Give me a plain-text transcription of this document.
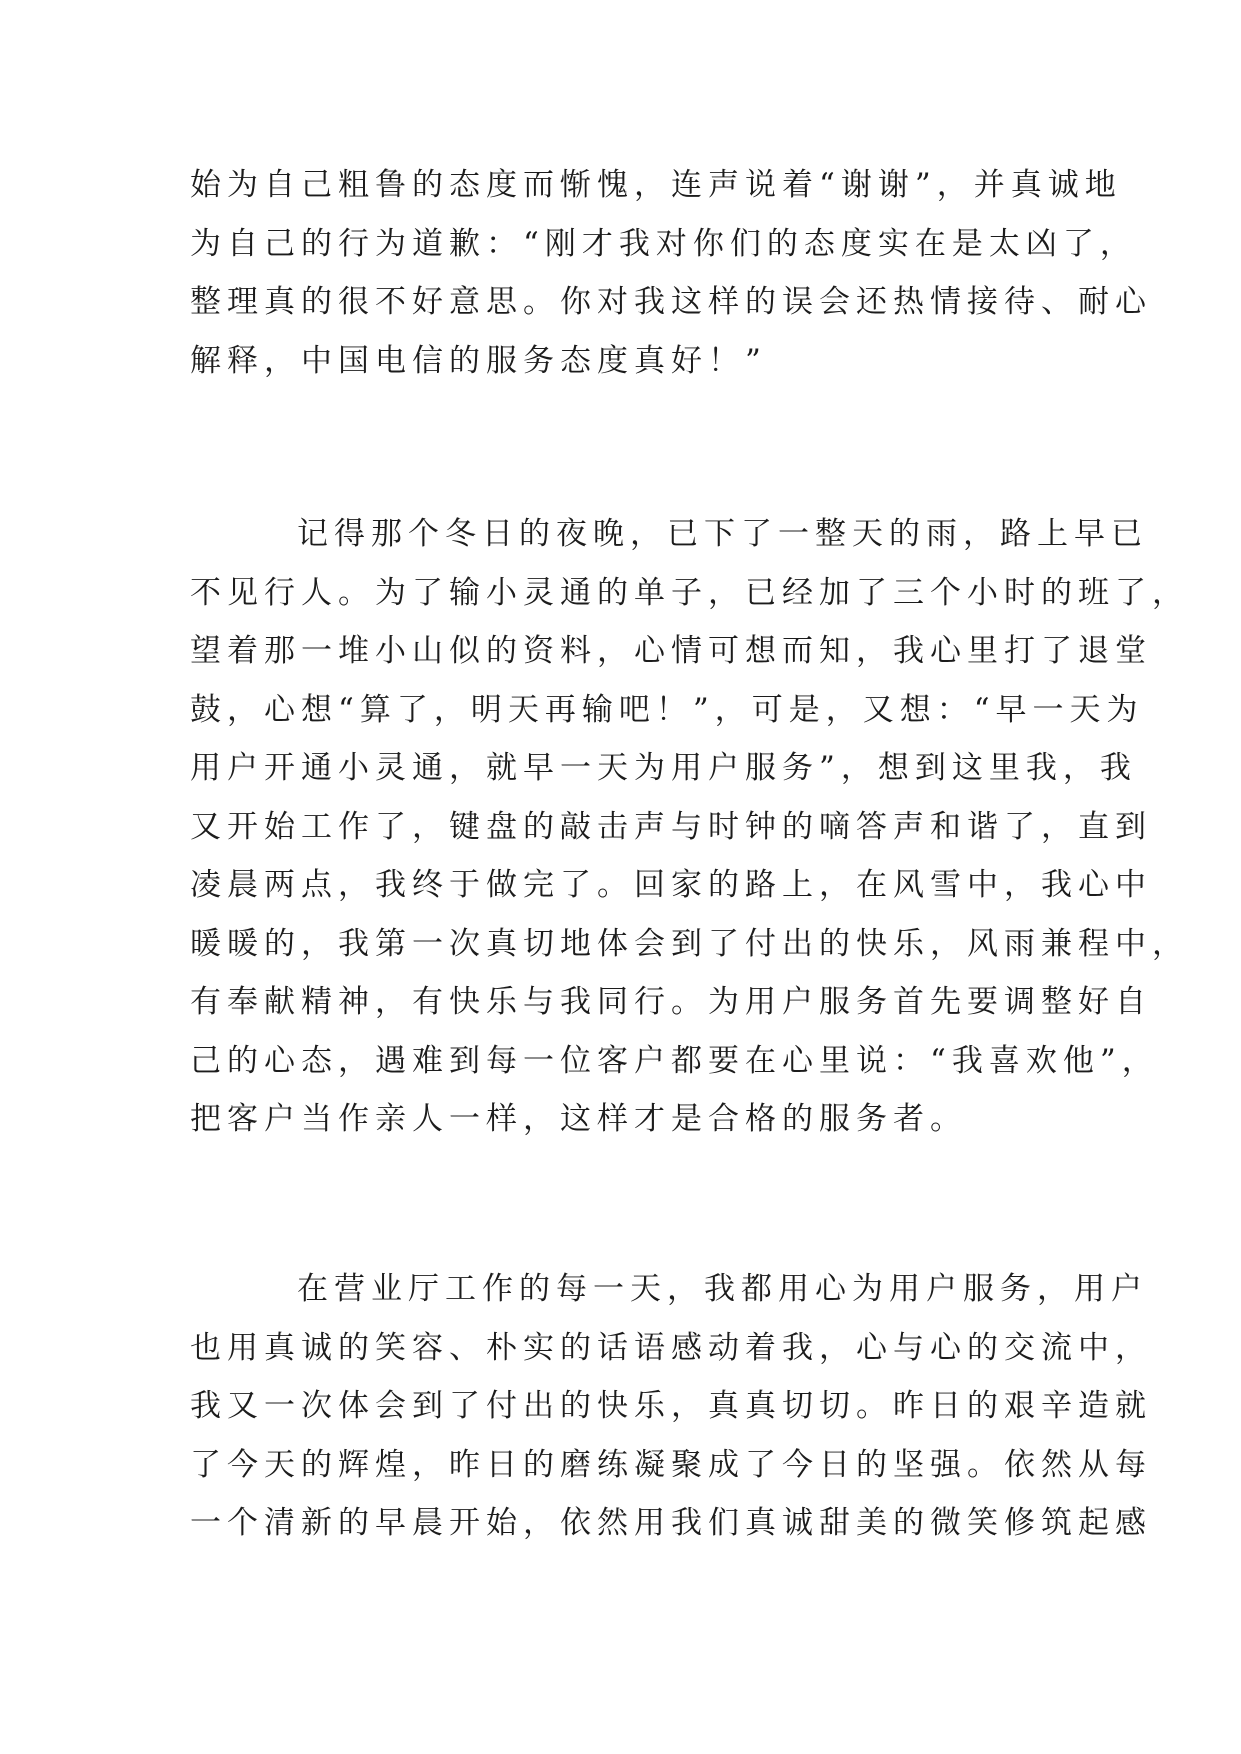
始为自己粗鲁的态度而惭愧，连声说着“谢谢”，并真诚地
为自己的行为道歉：“刚才我对你们的态度实在是太凶了，
整理真的很不好意思。你对我这样的误会还热情接待、耐心
解释，中国电信的服务态度真好！”
记得那个冬日的夜晚，已下了一整天的雨，路上早已
不见行人。为了输小灵通的单子，已经加了三个小时的班了，
望着那一堆小山似的资料，心情可想而知，我心里打了退堂
鼓，心想“算了，明天再输吧！”，可是，又想：“早一天为
用户开通小灵通，就早一天为用户服务”，想到这里我，我
又开始工作了，键盘的敲击声与时钟的嘀答声和谐了，直到
凌晨两点，我终于做完了。回家的路上，在风雪中，我心中
暖暖的，我第一次真切地体会到了付出的快乐，风雨兼程中，
有奉献精神，有快乐与我同行。为用户服务首先要调整好自
己的心态，遇难到每一位客户都要在心里说：“我喜欢他”，
把客户当作亲人一样，这样才是合格的服务者。
在营业厅工作的每一天，我都用心为用户服务，用户
也用真诚的笑容、朴实的话语感动着我，心与心的交流中，
我又一次体会到了付出的快乐，真真切切。昨日的艰辛造就
了今天的辉煌，昨日的磨练凝聚成了今日的坚强。依然从每
一个清新的早晨开始，依然用我们真诚甜美的微笑修筑起感
